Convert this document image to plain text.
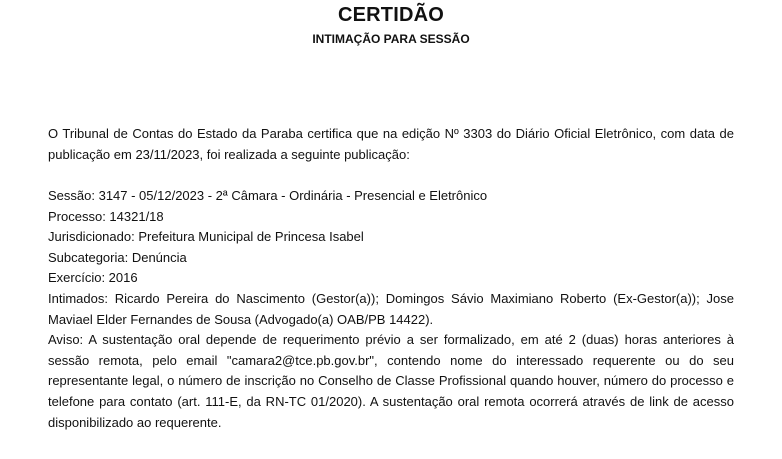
CERTIDÃO
INTIMAÇÃO PARA SESSÃO
O Tribunal de Contas do Estado da Paraba certifica que na edição Nº 3303 do Diário Oficial Eletrônico, com data de publicação em 23/11/2023, foi realizada a seguinte publicação:
Sessão: 3147 - 05/12/2023 - 2ª Câmara - Ordinária - Presencial e Eletrônico
Processo: 14321/18
Jurisdicionado: Prefeitura Municipal de Princesa Isabel
Subcategoria: Denúncia
Exercício: 2016
Intimados: Ricardo Pereira do Nascimento (Gestor(a)); Domingos Sávio Maximiano Roberto (Ex-Gestor(a)); Jose Maviael Elder Fernandes de Sousa (Advogado(a) OAB/PB 14422).
Aviso: A sustentação oral depende de requerimento prévio a ser formalizado, em até 2 (duas) horas anteriores à sessão remota, pelo email "camara2@tce.pb.gov.br", contendo nome do interessado requerente ou do seu representante legal, o número de inscrição no Conselho de Classe Profissional quando houver, número do processo e telefone para contato (art. 111-E, da RN-TC 01/2020). A sustentação oral remota ocorrerá através de link de acesso disponibilizado ao requerente.
